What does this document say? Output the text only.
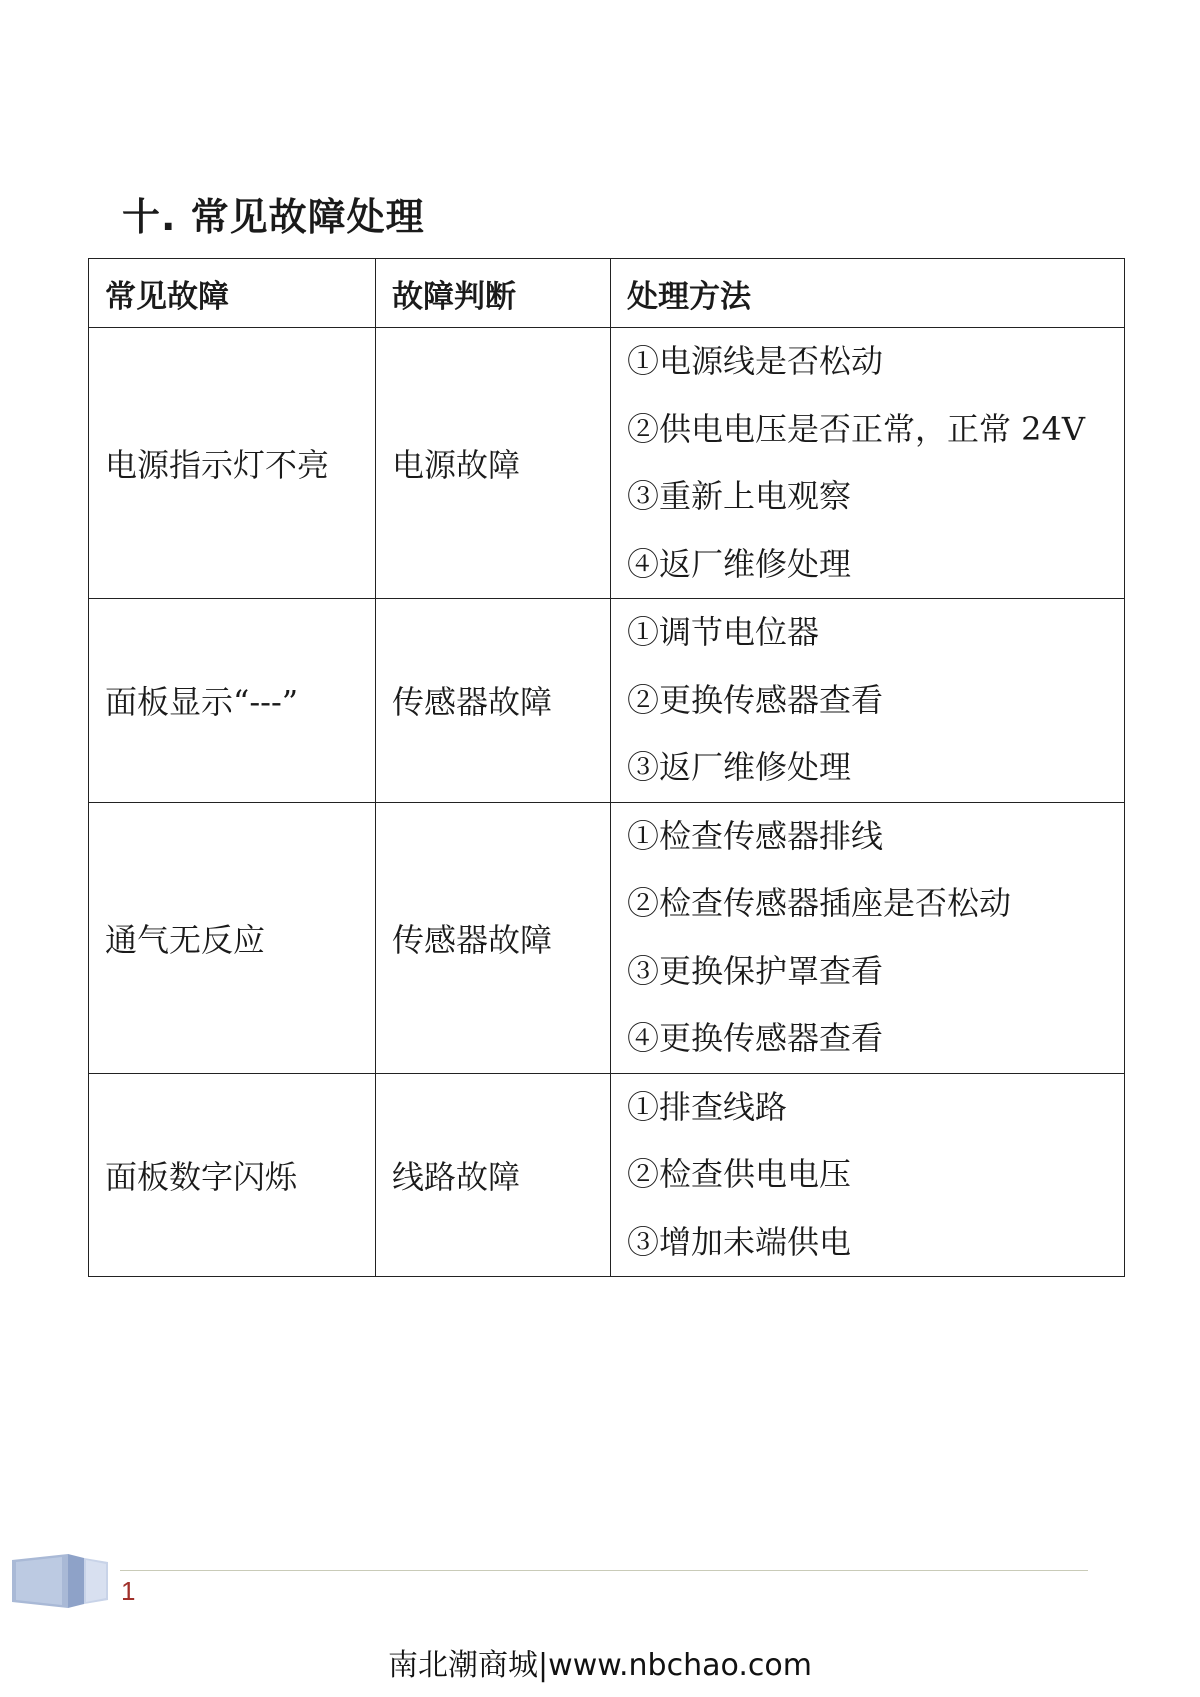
十. 常见故障处理
常见故障	故障判断	处理方法
电源指示灯不亮	电源故障	①电源线是否松动
②供电电压是否正常，正常 24V
③重新上电观察
④返厂维修处理

面板显示“---”	传感器故障	①调节电位器
②更换传感器查看
③返厂维修处理

通气无反应	传感器故障	①检查传感器排线
②检查传感器插座是否松动
③更换保护罩查看
④更换传感器查看

面板数字闪烁	线路故障	①排查线路
②检查供电电压
③增加未端供电
1
南北潮商城|www.nbchao.com
